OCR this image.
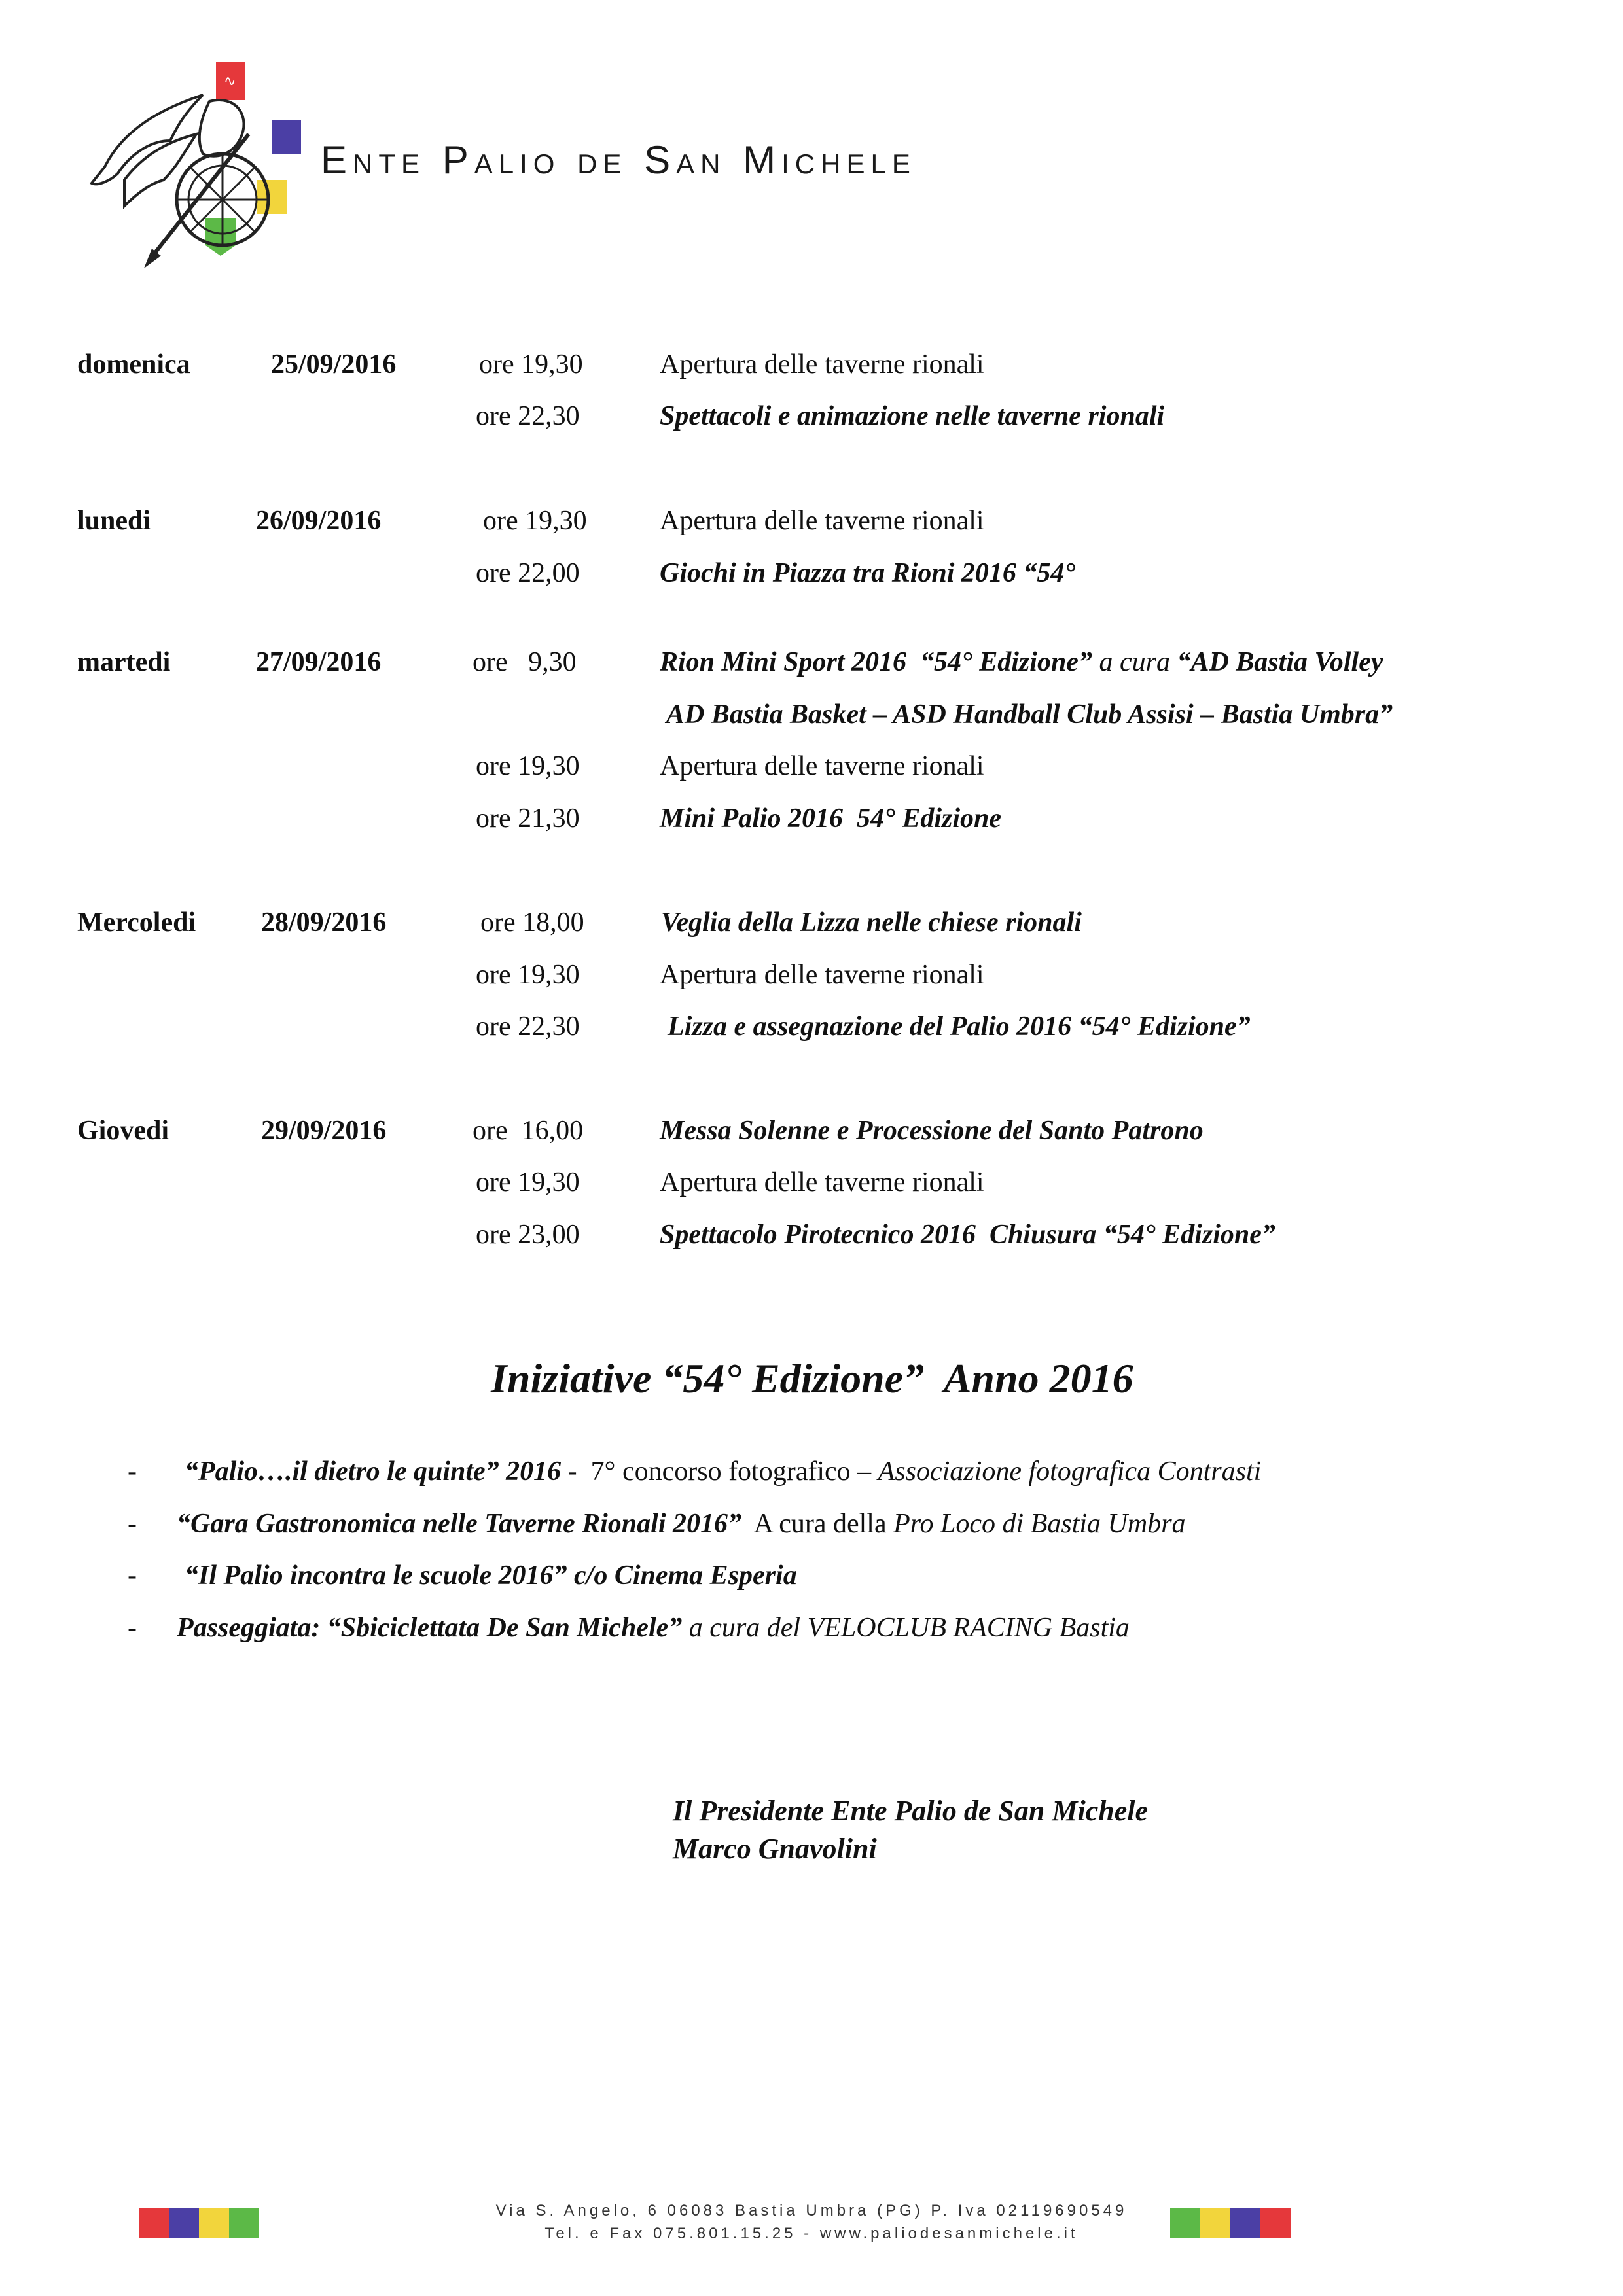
∿
Ente Palio de San Michele
domenica	25/09/2016	ore 19,30	Apertura delle taverne rionali
ore 22,30	Spettacoli e animazione nelle taverne rionali
lunedi	26/09/2016	ore 19,30	Apertura delle taverne rionali
ore 22,00	Giochi in Piazza tra Rioni 2016 “54°
martedi	27/09/2016	ore   9,30	Rion Mini Sport 2016  “54° Edizione” a cura “AD Bastia Volley
AD Bastia Basket – ASD Handball Club Assisi – Bastia Umbra”
ore 19,30	Apertura delle taverne rionali
ore 21,30	Mini Palio 2016  54° Edizione
Mercoledi 28/09/2016	ore 18,00	Veglia della Lizza nelle chiese rionali
ore 19,30	Apertura delle taverne rionali
ore 22,30	Lizza e assegnazione del Palio 2016 “54° Edizione”
Giovedi	29/09/2016	ore  16,00	Messa Solenne e Processione del Santo Patrono
ore 19,30	Apertura delle taverne rionali
ore 23,00	Spettacolo Pirotecnico 2016  Chiusura “54° Edizione”
Iniziative “54° Edizione”  Anno 2016
- “Palio….il dietro le quinte” 2016 -  7° concorso fotografico – Associazione fotografica Contrasti
- “Gara Gastronomica nelle Taverne Rionali 2016”  A cura della Pro Loco di Bastia Umbra
- “Il Palio incontra le scuole 2016” c/o Cinema Esperia
- Passeggiata: “Sbiciclettata De San Michele” a cura del VELOCLUB RACING Bastia
Il Presidente Ente Palio de San Michele
Marco Gnavolini
Via S. Angelo, 6 06083 Bastia Umbra (PG) P. Iva 02119690549
Tel. e Fax 075.801.15.25 - www.paliodesanmichele.it
